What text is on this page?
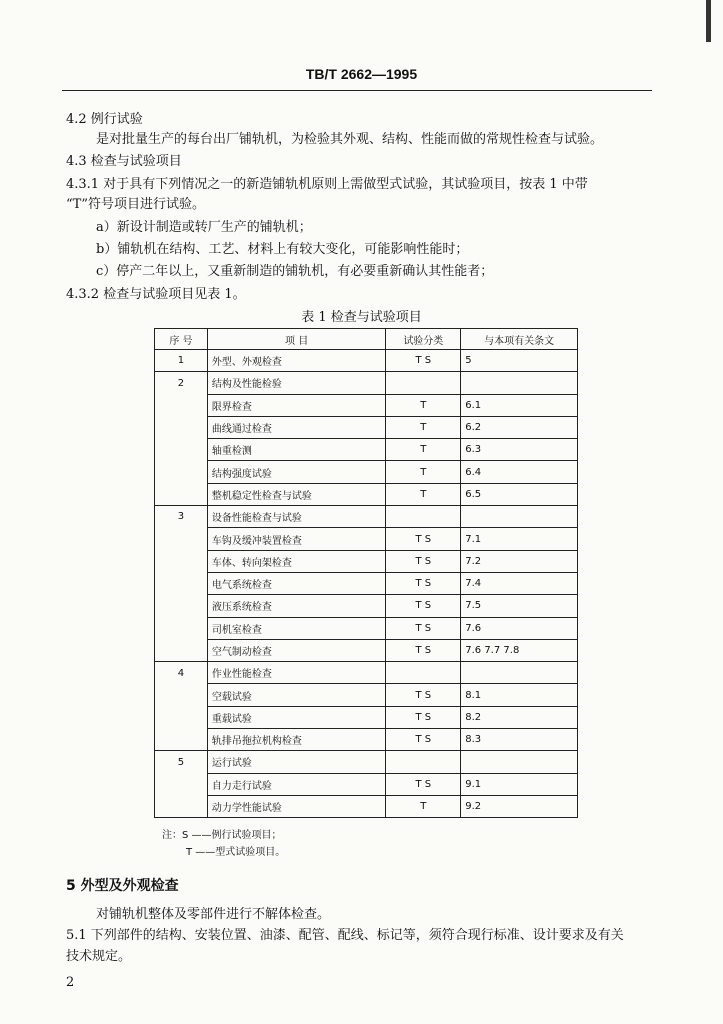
TB/T 2662—1995
4.2 例行试验
是对批量生产的每台出厂铺轨机，为检验其外观、结构、性能而做的常规性检查与试验。
4.3 检查与试验项目
4.3.1 对于具有下列情况之一的新造铺轨机原则上需做型式试验，其试验项目，按表 1 中带
“T”符号项目进行试验。
a）新设计制造或转厂生产的铺轨机；
b）铺轨机在结构、工艺、材料上有较大变化，可能影响性能时；
c）停产二年以上，又重新制造的铺轨机，有必要重新确认其性能者；
4.3.2 检查与试验项目见表 1。
表 1 检查与试验项目
序 号	项 目	试验分类	与本项有关条文
1	外型、外观检查	T S	5
2	结构及性能检验		
	限界检查	T	6.1
	曲线通过检查	T	6.2
	轴重检测	T	6.3
	结构强度试验	T	6.4
	整机稳定性检查与试验	T	6.5
3	设备性能检查与试验		
	车钩及缓冲装置检查	T S	7.1
	车体、转向架检查	T S	7.2
	电气系统检查	T S	7.4
	液压系统检查	T S	7.5
	司机室检查	T S	7.6
	空气制动检查	T S	7.6 7.7 7.8
4	作业性能检查		
	空载试验	T S	8.1
	重载试验	T S	8.2
	轨排吊拖拉机构检查	T S	8.3
5	运行试验		
	自力走行试验	T S	9.1
	动力学性能试验	T	9.2
注：S ——例行试验项目；
T ——型式试验项目。
5 外型及外观检查
对铺轨机整体及零部件进行不解体检查。
5.1 下列部件的结构、安装位置、油漆、配管、配线、标记等，须符合现行标准、设计要求及有关
技术规定。
2
